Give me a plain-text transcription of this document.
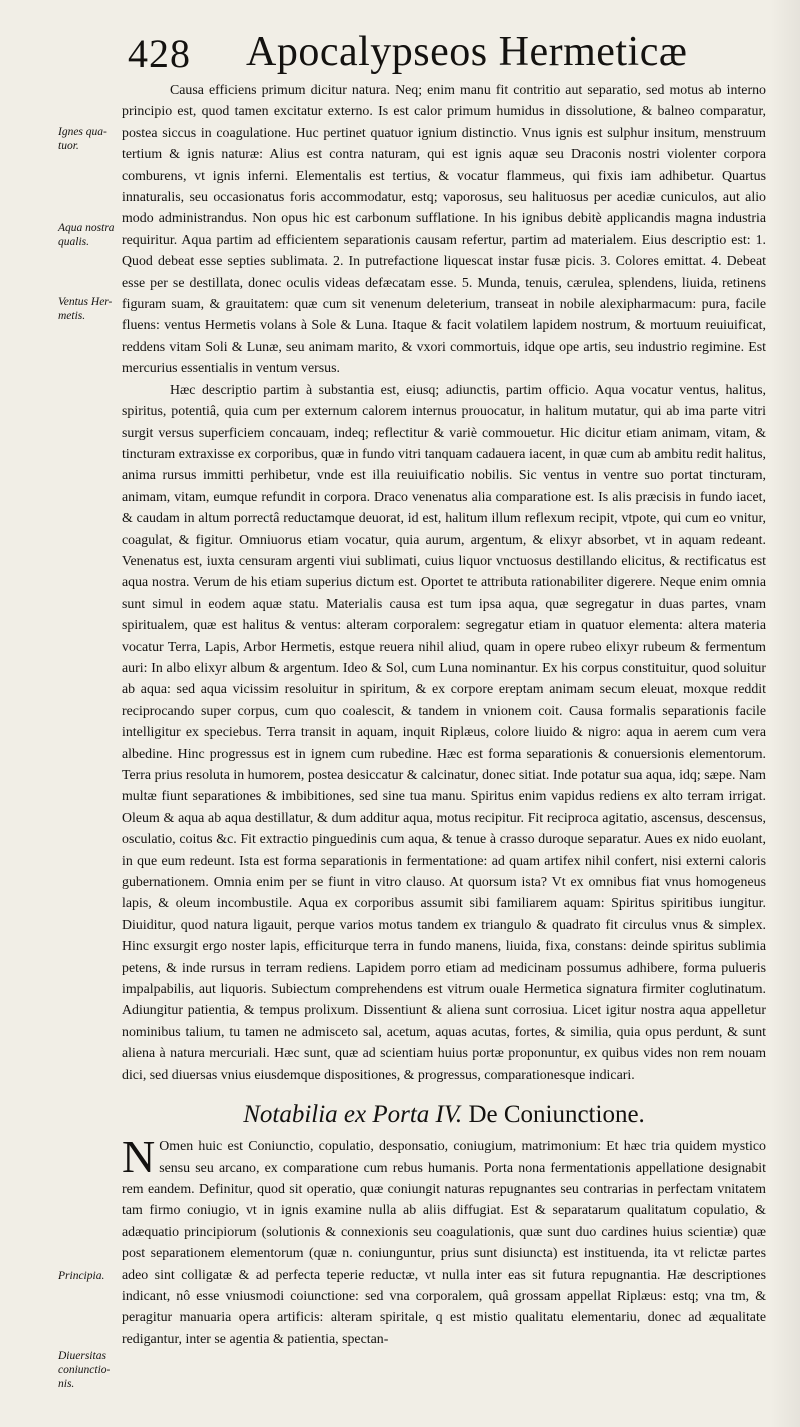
428 Apocalypseos Hermeticæ
Ignes qua-
tuor.
Aqua nostra
qualis.
Ventus Her-
metis.
Principia.
Diuersitas
coniunctio-
nis.

Causa efficiens primum dicitur natura. Neq; enim manu fit contritio aut separatio, sed motus ab interno principio est, quod tamen excitatur externo. Is est calor primum humidus in dissolutione, & balneo comparatur, postea siccus in coagulatione. Huc pertinet quatuor ignium distinctio. Vnus ignis est sulphur insitum, menstruum tertium & ignis naturæ: Alius est contra naturam, qui est ignis aquæ seu Draconis nostri violenter corpora comburens, vt ignis inferni. Elementalis est tertius, & vocatur flammeus, qui fixis iam adhibetur. Quartus innaturalis, seu occasionatus foris accommodatur, estq; vaporosus, seu halituosus per acediæ cuniculos, aut alio modo administrandus. Non opus hic est carbonum sufflatione. In his ignibus debitè applicandis magna industria requiritur. Aqua partim ad efficientem separationis causam refertur, partim ad materialem. Eius descriptio est: 1. Quod debeat esse septies sublimata. 2. In putrefactione liquescat instar fusæ picis. 3. Colores emittat. 4. Debeat esse per se destillata, donec oculis videas defæcatam esse. 5. Munda, tenuis, cærulea, splendens, liuida, retinens figuram suam, & grauitatem: quæ cum sit venenum deleterium, transeat in nobile alexipharmacum: pura, facile fluens: ventus Hermetis volans à Sole & Luna. Itaque & facit volatilem lapidem nostrum, & mortuum reuiuificat, reddens vitam Soli & Lunæ, seu animam marito, & vxori commortuis, idque ope artis, seu industrio regimine. Est mercurius essentialis in ventum versus.

Hæc descriptio partim à substantia est, eiusq; adiunctis, partim officio. Aqua vocatur ventus, halitus, spiritus, potentiâ, quia cum per externum calorem internus prouocatur, in halitum mutatur, qui ab ima parte vitri surgit versus superficiem concauam, indeq; reflectitur & variè commouetur. Hic dicitur etiam animam, vitam, & tincturam extraxisse ex corporibus, quæ in fundo vitri tanquam cadauera iacent, in quæ cum ab ambitu redit halitus, anima rursus immitti perhibetur, vnde est illa reuiuificatio nobilis. Sic ventus in ventre suo portat tincturam, animam, vitam, eumque refundit in corpora. Draco venenatus alia comparatione est. Is alis præcisis in fundo iacet, & caudam in altum porrectâ reductamque deuorat, id est, halitum illum reflexum recipit, vtpote, qui cum eo vnitur, coagulat, & figitur. Omniuorus etiam vocatur, quia aurum, argentum, & elixyr absorbet, vt in aquam redeant. Venenatus est, iuxta censuram argenti viui sublimati, cuius liquor vnctuosus destillando elicitus, & rectificatus est aqua nostra. Verum de his etiam superius dictum est. Oportet te attributa rationabiliter digerere. Neque enim omnia sunt simul in eodem aquæ statu. Materialis causa est tum ipsa aqua, quæ segregatur in duas partes, vnam spiritualem, quæ est halitus & ventus: alteram corporalem: segregatur etiam in quatuor elementa: altera materia vocatur Terra, Lapis, Arbor Hermetis, estque reuera nihil aliud, quam in opere rubeo elixyr rubeum & fermentum auri: In albo elixyr album & argentum. Ideo & Sol, cum Luna nominantur. Ex his corpus constituitur, quod soluitur ab aqua: sed aqua vicissim resoluitur in spiritum, & ex corpore ereptam animam secum eleuat, moxque reddit reciprocando super corpus, cum quo coalescit, & tandem in vnionem coit. Causa formalis separationis facile intelligitur ex speciebus. Terra transit in aquam, inquit Riplæus, colore liuido & nigro: aqua in aerem cum vera albedine. Hinc progressus est in ignem cum rubedine. Hæc est forma separationis & conuersionis elementorum. Terra prius resoluta in humorem, postea desiccatur & calcinatur, donec sitiat. Inde potatur sua aqua, idq; sæpe. Nam multæ fiunt separationes & imbibitiones, sed sine tua manu. Spiritus enim vapidus rediens ex alto terram irrigat. Oleum & aqua ab aqua destillatur, & dum additur aqua, motus recipitur. Fit reciproca agitatio, ascensus, descensus, osculatio, coitus &c. Fit extractio pinguedinis cum aqua, & tenue à crasso duroque separatur. Aues ex nido euolant, in que eum redeunt. Ista est forma separationis in fermentatione: ad quam artifex nihil confert, nisi externi caloris gubernationem. Omnia enim per se fiunt in vitro clauso. At quorsum ista? Vt ex omnibus fiat vnus homogeneus lapis, & oleum incombustile. Aqua ex corporibus assumit sibi familiarem aquam: Spiritus spiritibus iungitur. Diuiditur, quod natura ligauit, perque varios motus tandem ex triangulo & quadrato fit circulus vnus & simplex. Hinc exsurgit ergo noster lapis, efficiturque terra in fundo manens, liuida, fixa, constans: deinde spiritus sublimia petens, & inde rursus in terram rediens. Lapidem porro etiam ad medicinam possumus adhibere, forma pulueris impalpabilis, aut liquoris. Subiectum comprehendens est vitrum ouale Hermetica signatura firmiter coglutinatum. Adiungitur patientia, & tempus prolixum. Dissentiunt & aliena sunt corrosiua. Licet igitur nostra aqua appelletur nominibus talium, tu tamen ne admisceto sal, acetum, aquas acutas, fortes, & similia, quia opus perdunt, & sunt aliena à natura mercuriali. Hæc sunt, quæ ad scientiam huius portæ proponuntur, ex quibus vides non rem nouam dici, sed diuersas vnius eiusdemque dispositiones, & progressus, comparationesque indicari.

Notabilia ex Porta IV. De Coniunctione.

N Omen huic est Coniunctio, copulatio, desponsatio, coniugium, matrimonium: Et hæc tria quidem mystico sensu seu arcano, ex comparatione cum rebus humanis. Porta nona fermentationis appellatione designabit rem eandem. Definitur, quod sit operatio, quæ coniungit naturas repugnantes seu contrarias in perfectam vnitatem tam firmo coniugio, vt in ignis examine nulla ab aliis diffugiat. Est & separatarum qualitatum copulatio, & adæquatio principiorum (solutionis & connexionis seu coagulationis, quæ sunt duo cardines huius scientiæ) quæ post separationem elementorum (quæ n. coniunguntur, prius sunt disiuncta) est instituenda, ita vt relictæ partes adeo sint colligatæ & ad perfecta teperie reductæ, vt nulla inter eas sit futura repugnantia. Hæ descriptiones indicant, nô esse vniusmodi coiunctione: sed vna corporalem, quâ grossam appellat Riplæus: estq; vna tm, & peragitur manuaria opera artificis: alteram spiritale, q est mistio qualitatu elementariu, donec ad æqualitate redigantur, inter se agentia & patientia, spectan-
